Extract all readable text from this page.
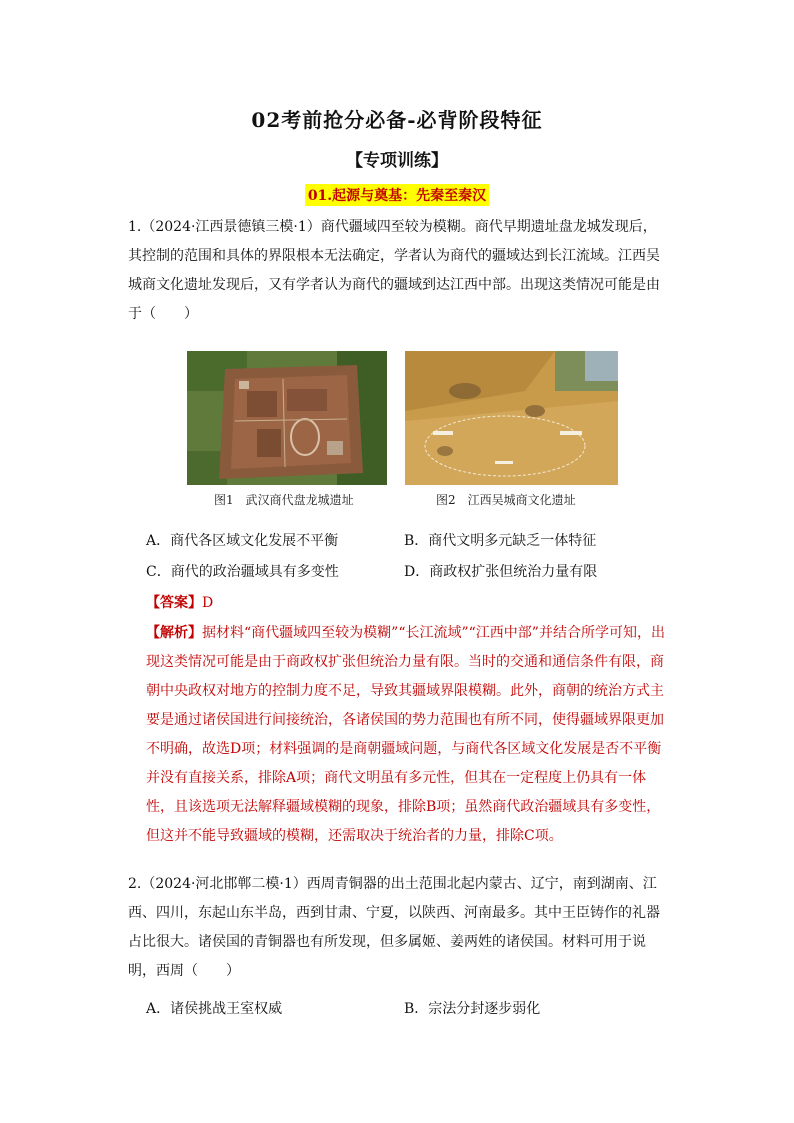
02考前抢分必备-必背阶段特征
【专项训练】
01.起源与奠基：先秦至秦汉
1.（2024·江西景德镇三模·1）商代疆域四至较为模糊。商代早期遗址盘龙城发现后，其控制的范围和具体的界限根本无法确定，学者认为商代的疆域达到长江流域。江西吴城商文化遗址发现后，又有学者认为商代的疆域到达江西中部。出现这类情况可能是由于（　　）
图1　武汉商代盘龙城遗址	图2　江西吴城商文化遗址
A．商代各区域文化发展不平衡	B．商代文明多元缺乏一体特征
C．商代的政治疆域具有多变性	D．商政权扩张但统治力量有限
【答案】D
【解析】据材料“商代疆域四至较为模糊”“长江流域”“江西中部”并结合所学可知，出现这类情况可能是由于商政权扩张但统治力量有限。当时的交通和通信条件有限，商朝中央政权对地方的控制力度不足，导致其疆域界限模糊。此外，商朝的统治方式主要是通过诸侯国进行间接统治，各诸侯国的势力范围也有所不同，使得疆域界限更加不明确，故选D项；材料强调的是商朝疆域问题，与商代各区域文化发展是否不平衡并没有直接关系，排除A项；商代文明虽有多元性，但其在一定程度上仍具有一体性，且该选项无法解释疆域模糊的现象，排除B项；虽然商代政治疆域具有多变性，但这并不能导致疆域的模糊，还需取决于统治者的力量，排除C项。
2.（2024·河北邯郸二模·1）西周青铜器的出土范围北起内蒙古、辽宁，南到湖南、江西、四川，东起山东半岛，西到甘肃、宁夏，以陕西、河南最多。其中王臣铸作的礼器占比很大。诸侯国的青铜器也有所发现，但多属姬、姜两姓的诸侯国。材料可用于说明，西周（　　）
A．诸侯挑战王室权威	B．宗法分封逐步弱化
